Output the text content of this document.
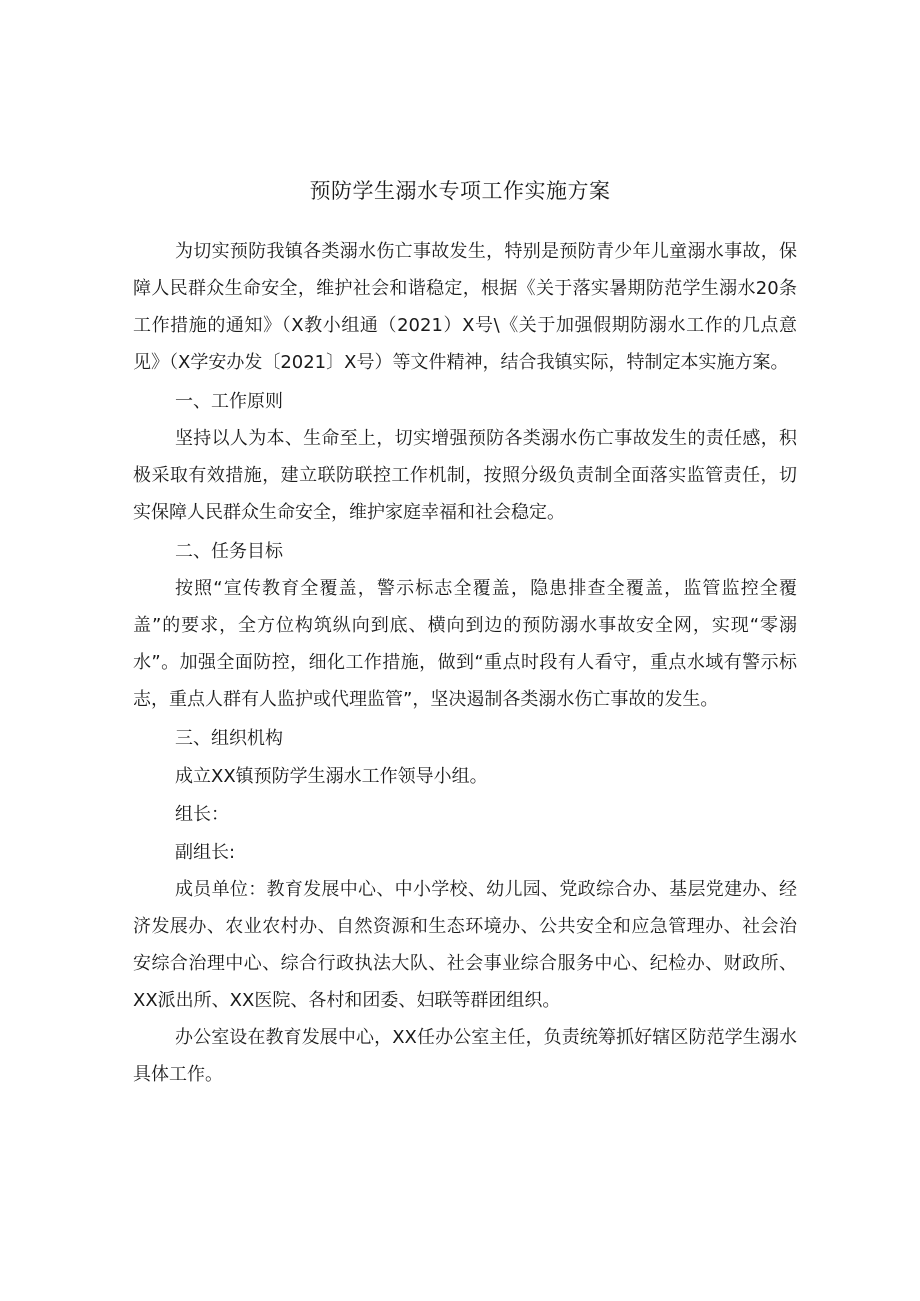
预防学生溺水专项工作实施方案

为切实预防我镇各类溺水伤亡事故发生，特别是预防青少年儿童溺水事故，保障人民群众生命安全，维护社会和谐稳定，根据《关于落实暑期防范学生溺水20条工作措施的通知》（X教小组通（2021）X号\《关于加强假期防溺水工作的几点意见》（X学安办发〔2021〕X号）等文件精神，结合我镇实际，特制定本实施方案。

一、工作原则

坚持以人为本、生命至上，切实增强预防各类溺水伤亡事故发生的责任感，积极采取有效措施，建立联防联控工作机制，按照分级负责制全面落实监管责任，切实保障人民群众生命安全，维护家庭幸福和社会稳定。

二、任务目标

按照“宣传教育全覆盖，警示标志全覆盖，隐患排查全覆盖，监管监控全覆盖”的要求，全方位构筑纵向到底、横向到边的预防溺水事故安全网，实现“零溺水”。加强全面防控，细化工作措施，做到“重点时段有人看守，重点水域有警示标志，重点人群有人监护或代理监管”，坚决遏制各类溺水伤亡事故的发生。

三、组织机构

成立XX镇预防学生溺水工作领导小组。

组长：

副组长:

成员单位：教育发展中心、中小学校、幼儿园、党政综合办、基层党建办、经济发展办、农业农村办、自然资源和生态环境办、公共安全和应急管理办、社会治安综合治理中心、综合行政执法大队、社会事业综合服务中心、纪检办、财政所、XX派出所、XX医院、各村和团委、妇联等群团组织。

办公室设在教育发展中心，XX任办公室主任，负责统筹抓好辖区防范学生溺水具体工作。
